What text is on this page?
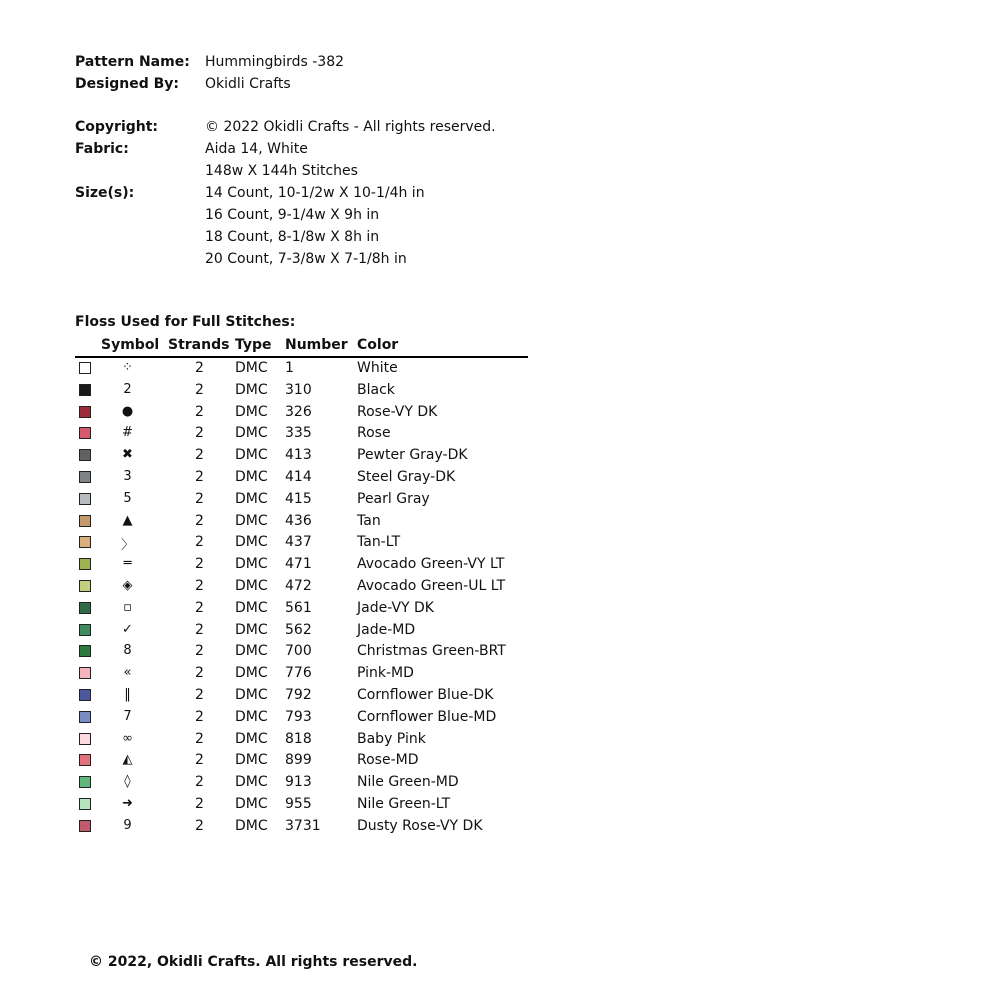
Pattern Name: Hummingbirds -382
Designed By: Okidli Crafts
Copyright:	© 2022 Okidli Crafts - All rights reserved.
Fabric:	Aida 14, White
148w X 144h Stitches
Size(s):	14 Count, 10-1/2w X 10-1/4h in
16 Count, 9-1/4w X 9h in
18 Count, 8-1/8w X 8h in
20 Count, 7-3/8w X 7-1/8h in
Floss Used for Full Stitches:
Symbol Strands Type Number Color
⁘	2 DMC 1	White
2	2 DMC 310	Black
●	2 DMC 326	Rose-VY DK
#	2 DMC 335	Rose
✖	2 DMC 413	Pewter Gray-DK
3	2 DMC 414	Steel Gray-DK
5	2 DMC 415	Pearl Gray
▲	2 DMC 436	Tan
〉	2 DMC 437	Tan-LT
═	2 DMC 471	Avocado Green-VY LT
◈	2 DMC 472	Avocado Green-UL LT
▫	2 DMC 561	Jade-VY DK
✓	2 DMC 562	Jade-MD
8	2 DMC 700	Christmas Green-BRT
«	2 DMC 776	Pink-MD
‖	2 DMC 792	Cornflower Blue-DK
7	2 DMC 793	Cornflower Blue-MD
∞	2 DMC 818	Baby Pink
◭	2 DMC 899	Rose-MD
◊	2 DMC 913	Nile Green-MD
➜	2 DMC 955	Nile Green-LT
9	2 DMC 3731	Dusty Rose-VY DK
© 2022, Okidli Crafts. All rights reserved.
